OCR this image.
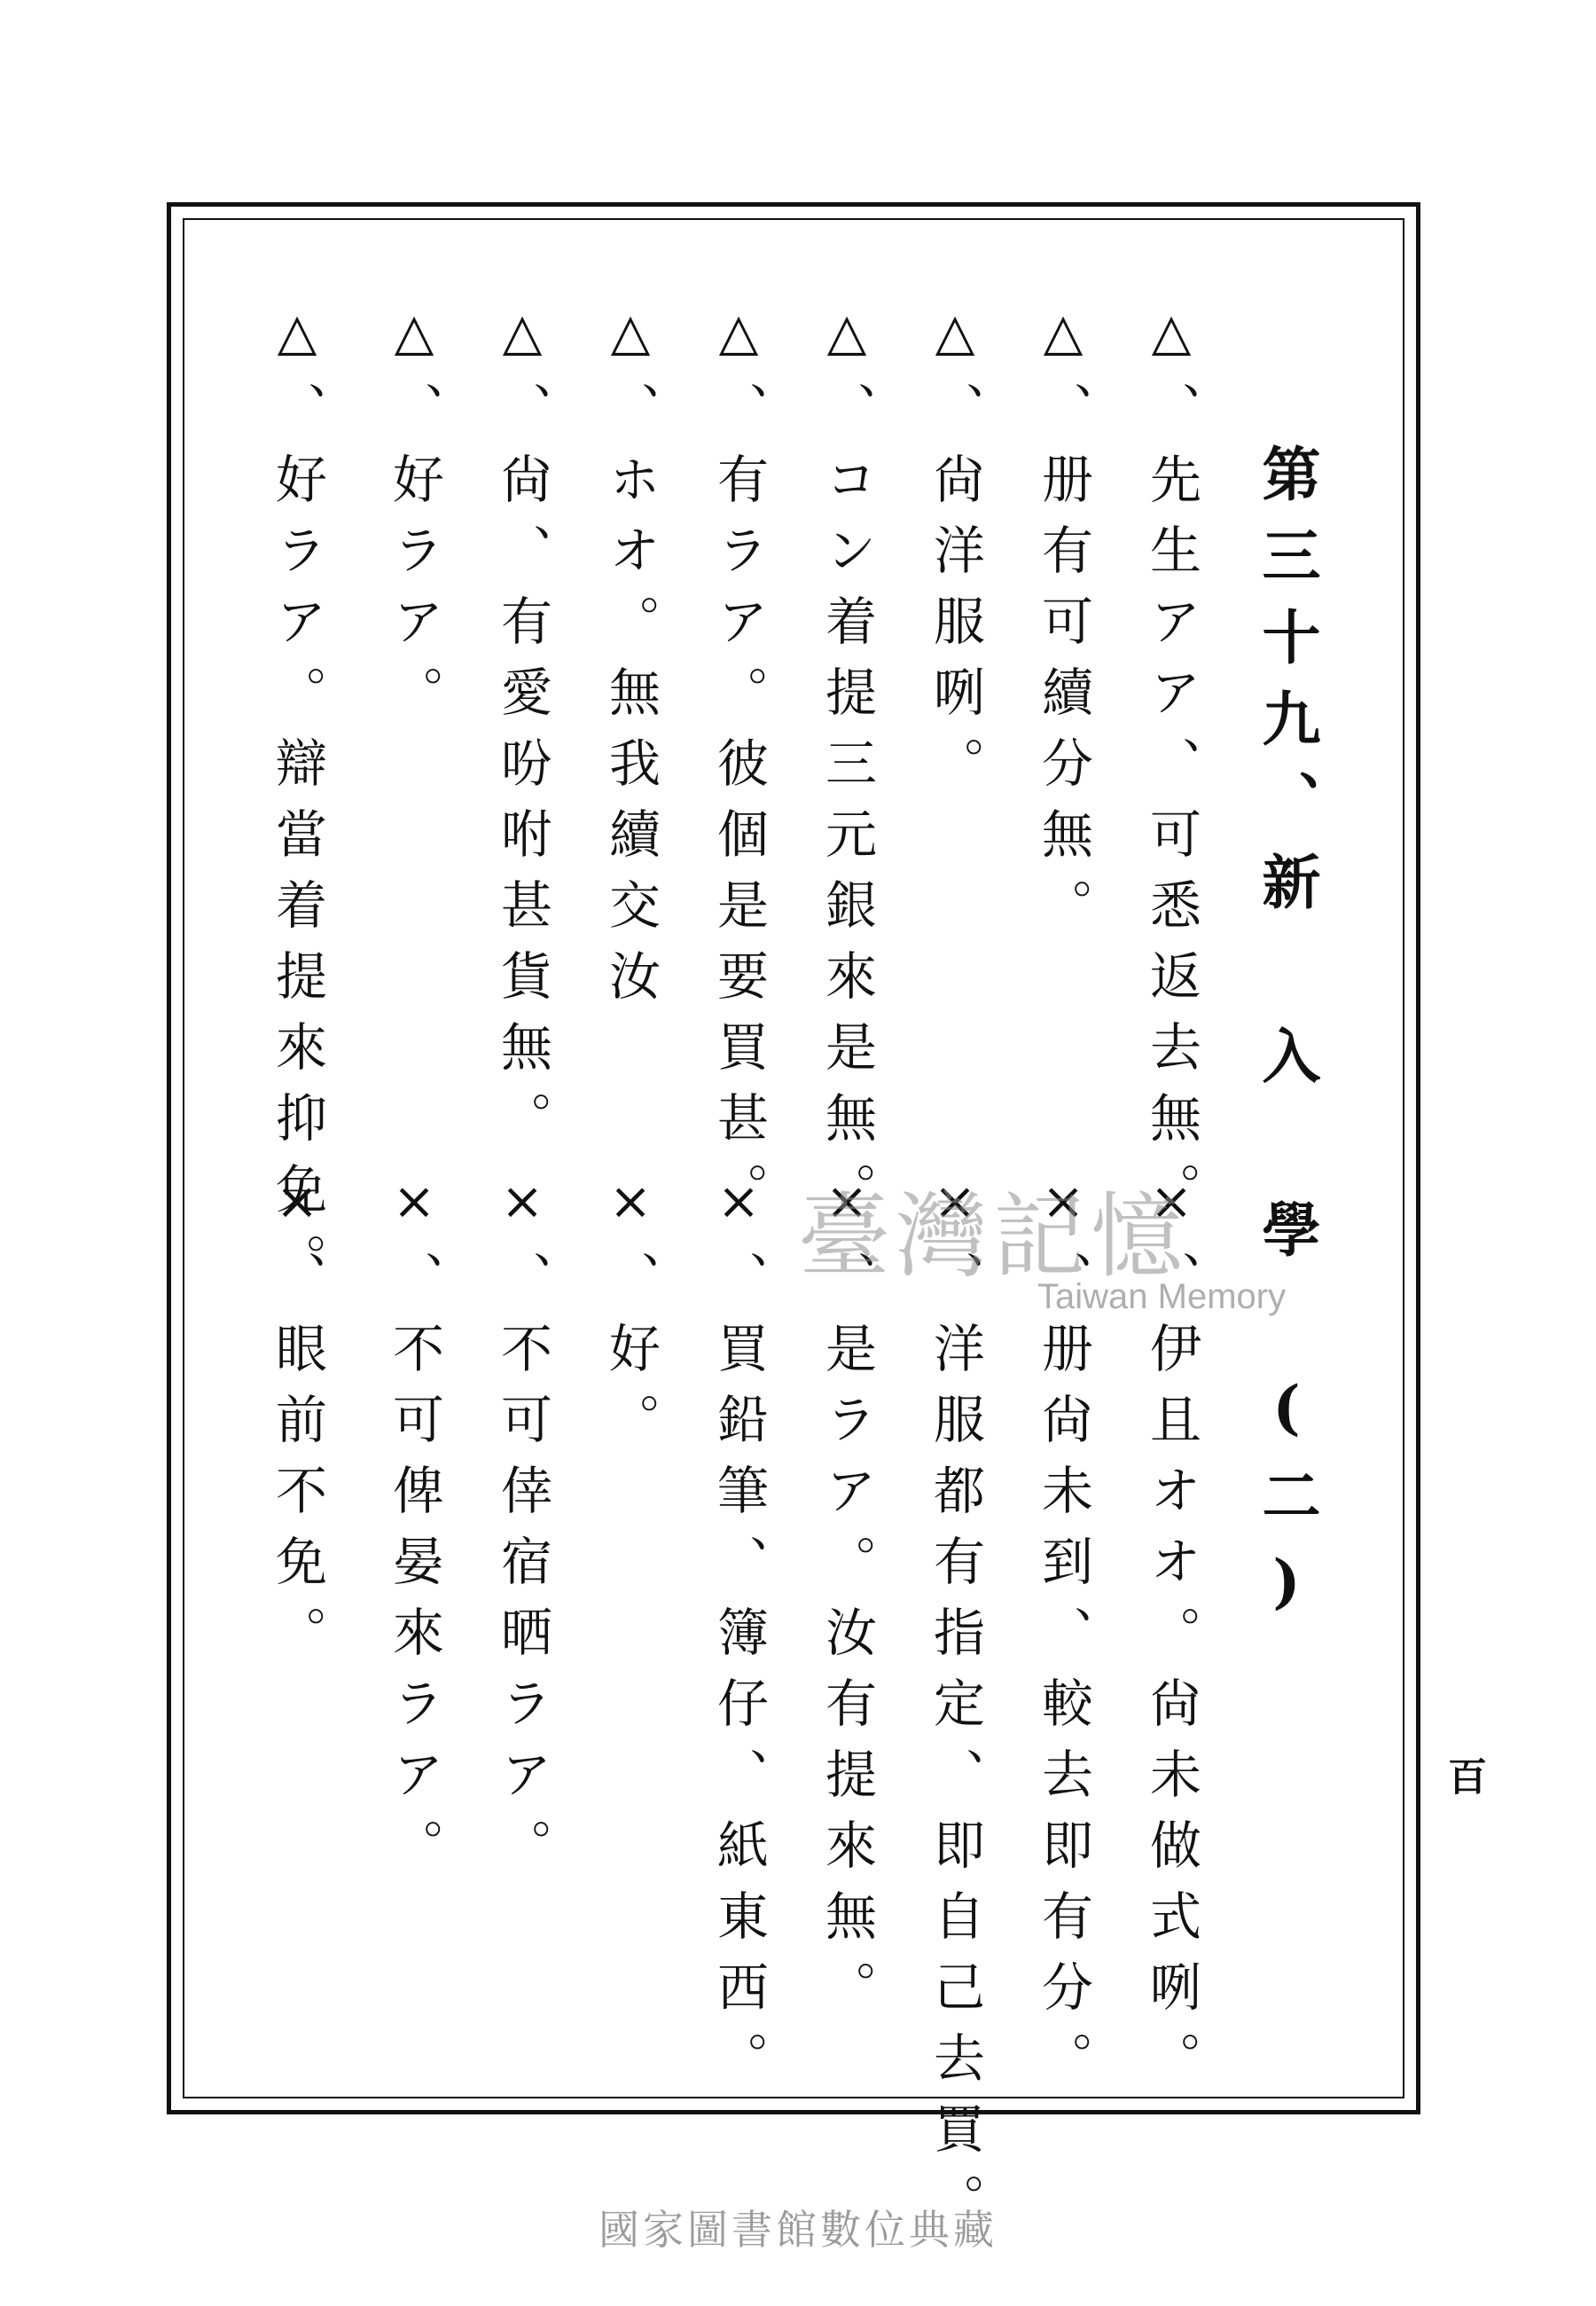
第三十九、新 入 學 (二)
△、先生アア、可悉返去無。
△、册有可續分無。
△、尙洋服咧。
△、コン着提三元銀來是無。
△、有ラア。彼個是要買甚。
△、ホオ。無我續交汝
△、尙、有愛吩咐甚貨無。
△、好ラア。
△、好ラア。辯當着提來抑免。
×、伊且オオ。尙未做式咧。
×、册尙未到、較去即有分。
×、洋服都有指定、即自己去買。
×、是ラア。汝有提來無。
×、買鉛筆、簿仔、紙東西。
×、好。
×、不可倖宿晒ラア。
×、不可俾晏來ラア。
×、眼前不免。
百
臺灣記憶
Taiwan Memory
國家圖書館數位典藏
